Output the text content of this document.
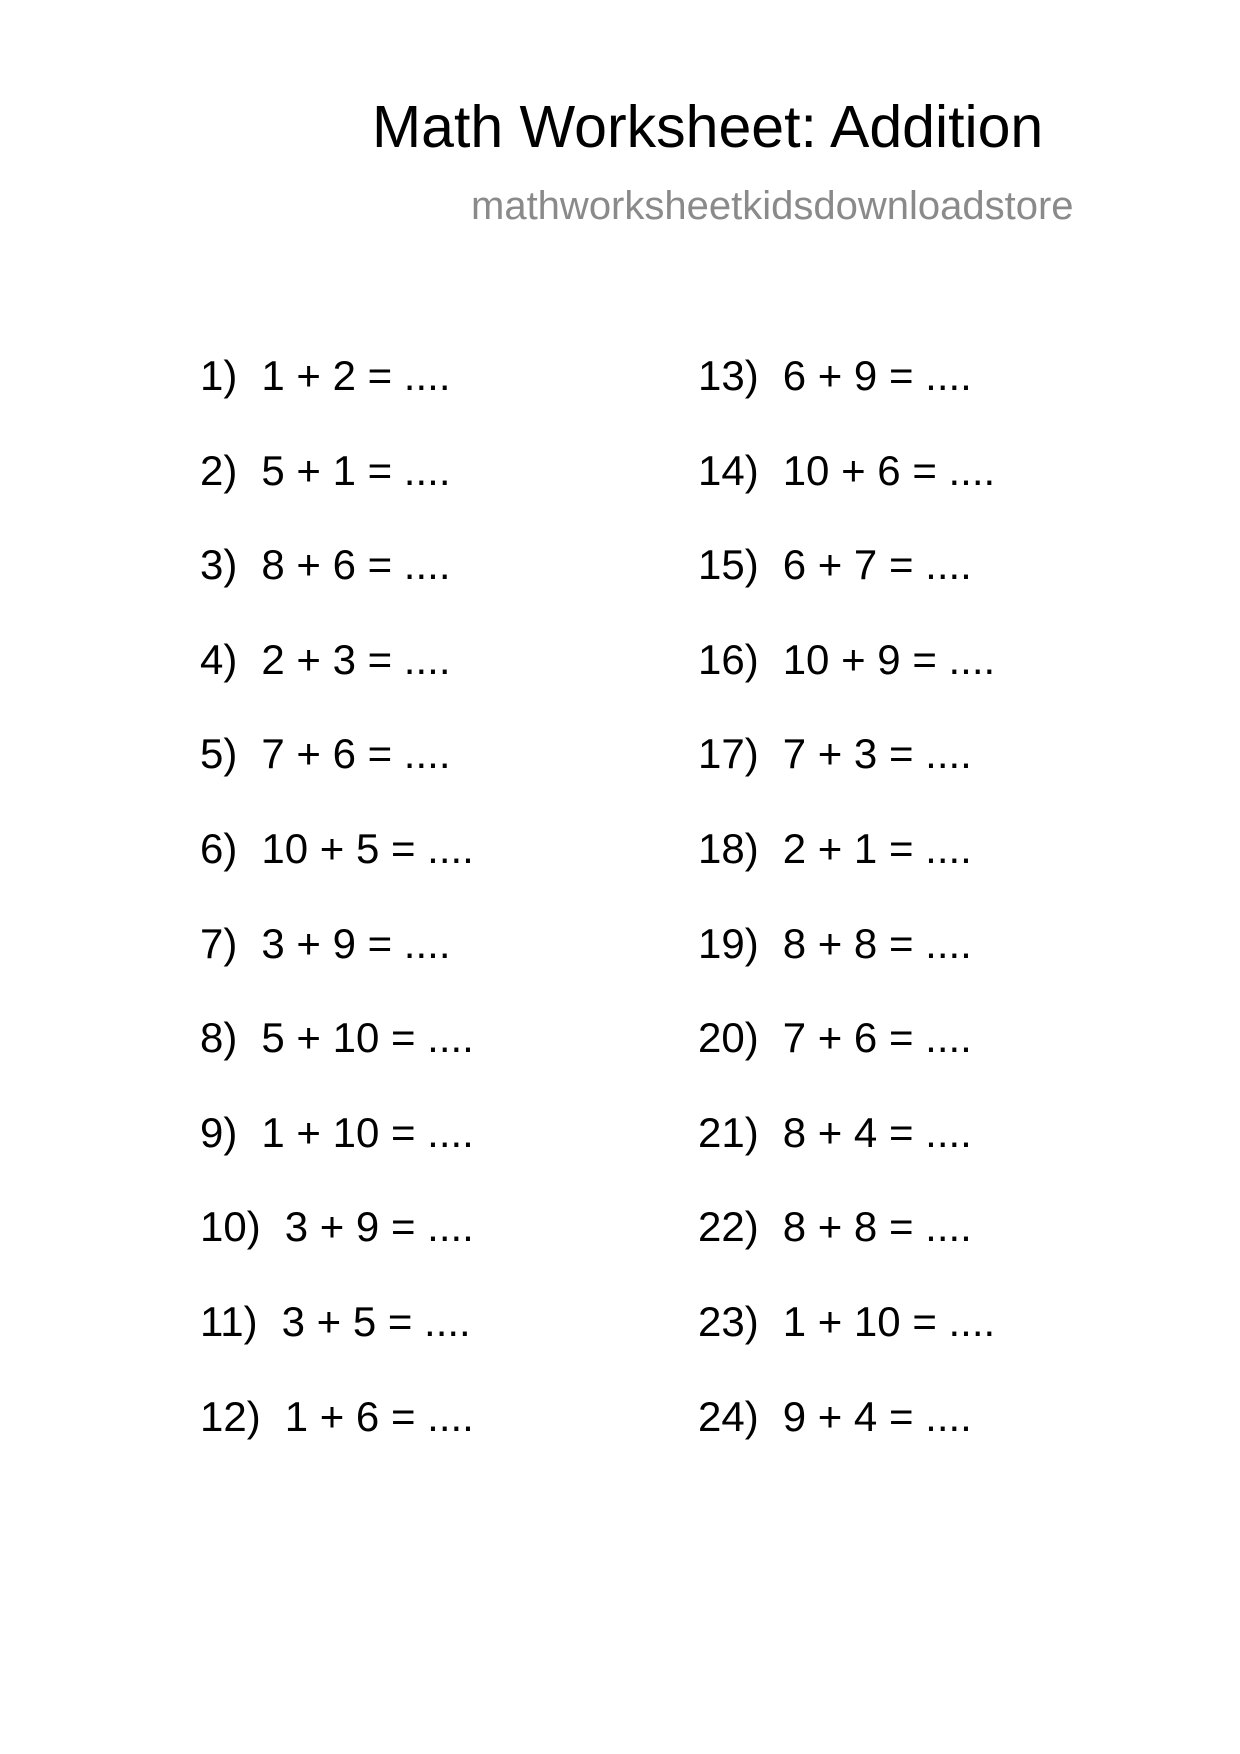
Math Worksheet: Addition
mathworksheetkidsdownloadstore
1) 1 + 2 = ....
2) 5 + 1 = ....
3) 8 + 6 = ....
4) 2 + 3 = ....
5) 7 + 6 = ....
6) 10 + 5 = ....
7) 3 + 9 = ....
8) 5 + 10 = ....
9) 1 + 10 = ....
10) 3 + 9 = ....
11) 3 + 5 = ....
12) 1 + 6 = ....
13) 6 + 9 = ....
14) 10 + 6 = ....
15) 6 + 7 = ....
16) 10 + 9 = ....
17) 7 + 3 = ....
18) 2 + 1 = ....
19) 8 + 8 = ....
20) 7 + 6 = ....
21) 8 + 4 = ....
22) 8 + 8 = ....
23) 1 + 10 = ....
24) 9 + 4 = ....
